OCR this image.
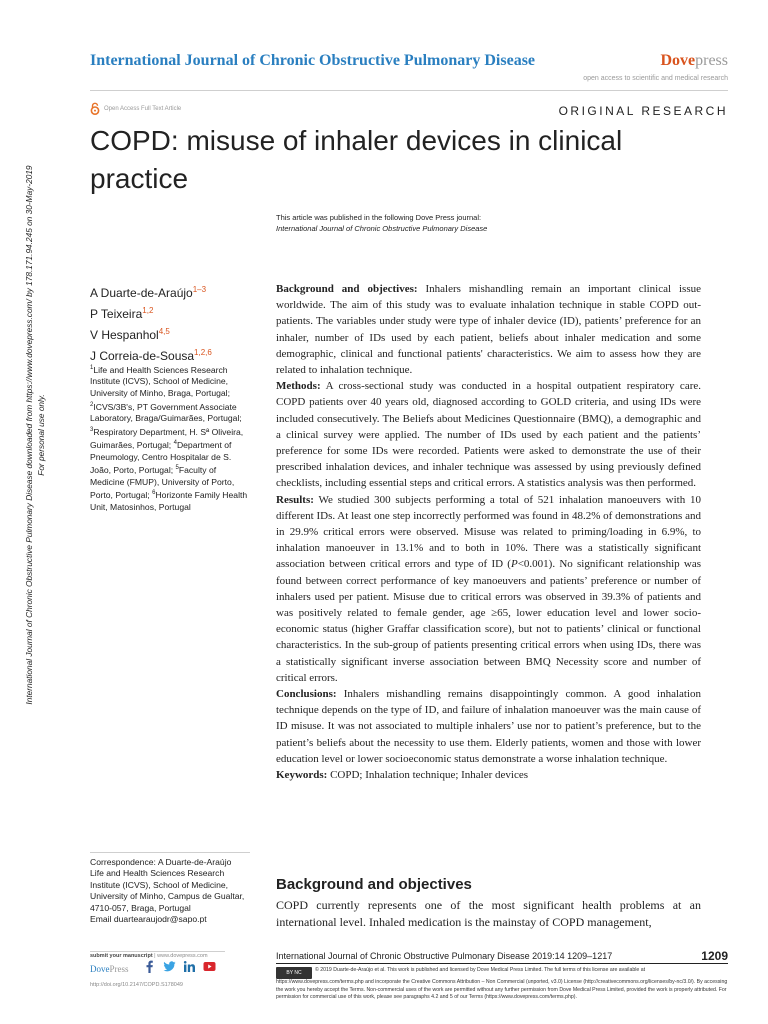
International Journal of Chronic Obstructive Pulmonary Disease downloaded from https://www.dovepress.com/ by 178.171.94.245 on 30-May-2019 For personal use only.
International Journal of Chronic Obstructive Pulmonary Disease	Dovepress
open access to scientific and medical research
Open Access Full Text Article	ORIGINAL RESEARCH
COPD: misuse of inhaler devices in clinical practice
This article was published in the following Dove Press journal:
International Journal of Chronic Obstructive Pulmonary Disease
A Duarte-de-Araújo$^{1-3}$
P Teixeira$^{1,2}$
V Hespanhol$^{4,5}$
J Correia-de-Sousa$^{1,2,6}$
$^1$Life and Health Sciences Research Institute (ICVS), School of Medicine, University of Minho, Braga, Portugal; $^2$ICVS/3B's, PT Government Associate Laboratory, Braga/Guimarães, Portugal; $^3$Respiratory Department, H. Sª Oliveira, Guimarães, Portugal; $^4$Department of Pneumology, Centro Hospitalar de S. João, Porto, Portugal; $^5$Faculty of Medicine (FMUP), University of Porto, Porto, Portugal; $^6$Horizonte Family Health Unit, Matosinhos, Portugal

Background and objectives: Inhalers mishandling remain an important clinical issue worldwide. The aim of this study was to evaluate inhalation technique in stable COPD out-patients. The variables under study were type of inhaler device (ID), patients’ preference for an inhaler, number of IDs used by each patient, beliefs about inhaler medication and some demographic, clinical and functional patients' characteristics. We aim to assess how they are related to inhalation technique.

Methods: A cross-sectional study was conducted in a hospital outpatient respiratory care. COPD patients over 40 years old, diagnosed according to GOLD criteria, and using IDs were included consecutively. The Beliefs about Medicines Questionnaire (BMQ), a demographic and a clinical survey were applied. The number of IDs used by each patient and the patients’ preference for some IDs were recorded. Patients were asked to demonstrate the use of their prescribed inhalation devices, and inhaler technique was assessed by using previously defined checklists, including essential steps and critical errors. A statistics analysis was then performed.

Results: We studied 300 subjects performing a total of 521 inhalation manoeuvers with 10 different IDs. At least one step incorrectly performed was found in 48.2% of demonstrations and in 29.9% critical errors were observed. Misuse was related to priming/loading in 6.9%, to inhalation manoeuver in 13.1% and to both in 10%. There was a statistically significant association between critical errors and type of ID (P<0.001). No significant relationship was found between correct performance of key manoeuvers and patients’ preference or number of inhalers used per patient. Misuse due to critical errors was observed in 39.3% of patients and was positively related to female gender, age ≥65, lower education level and lower socio-economic status (higher Graffar classification score), but not to patients’ clinical or functional characteristics. In the sub-group of patients presenting critical errors when using IDs, there was a statistically significant inverse association between BMQ Necessity score and number of critical errors.

Conclusions: Inhalers mishandling remains disappointingly common. A good inhalation technique depends on the type of ID, and failure of inhalation manoeuver was the main cause of ID misuse. It was not associated to multiple inhalers’ use nor to patient’s preference, but to the patient’s beliefs about the necessity to use them. Elderly patients, women and those with lower education level or lower socioeconomic status demonstrate a worse inhalation technique.

Keywords: COPD; Inhalation technique; Inhaler devices

Correspondence: A Duarte-de-Araújo
Life and Health Sciences Research
Institute (ICVS), School of Medicine,
University of Minho, Campus de Gualtar,
4710-057, Braga, Portugal
Email duartearaujodr@sapo.pt
Background and objectives
COPD currently represents one of the most significant health problems at an international level. Inhaled medication is the mainstay of COPD management,
submit your manuscript | www.dovepress.com
DovePress
http://doi.org/10.2147/COPD.S178049
International Journal of Chronic Obstructive Pulmonary Disease 2019:14 1209–1217	1209
BY NC	© 2019 Duarte-de-Araújo et al. This work is published and licensed by Dove Medical Press Limited. The full terms of this license are available at https://www.dovepress.com/terms.php and incorporate the Creative Commons Attribution – Non Commercial (unported, v3.0) License (http://creativecommons.org/licenses/by-nc/3.0/). By accessing the work you hereby accept the Terms. Non-commercial uses of the work are permitted without any further permission from Dove Medical Press Limited, provided the work is properly attributed. For permission for commercial use of this work, please see paragraphs 4.2 and 5 of our Terms (https://www.dovepress.com/terms.php).
